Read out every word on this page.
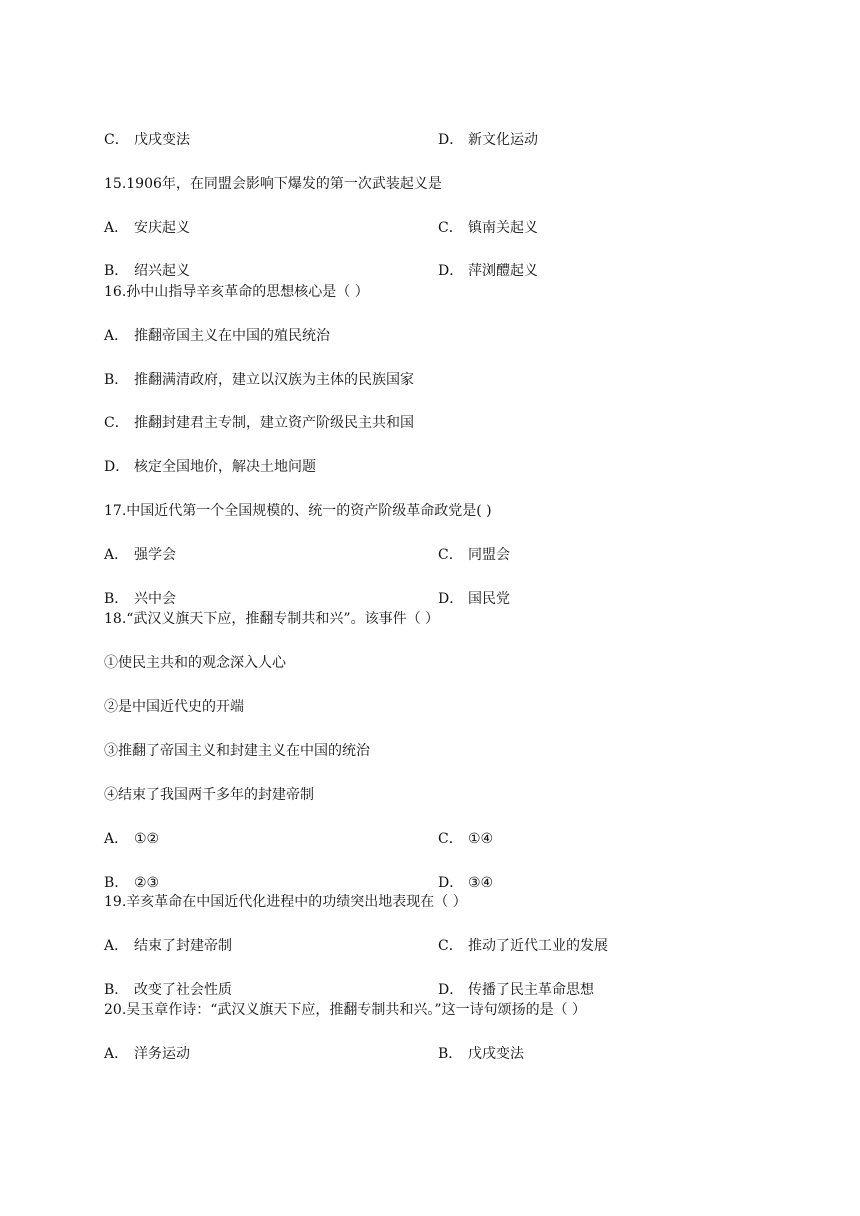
C． 戊戌变法	D． 新文化运动
15.1906年，在同盟会影响下爆发的第一次武装起义是
A． 安庆起义	C． 镇南关起义
B． 绍兴起义	D． 萍浏醴起义
16.孙中山指导辛亥革命的思想核心是（ ）
A． 推翻帝国主义在中国的殖民统治
B． 推翻满清政府，建立以汉族为主体的民族国家
C． 推翻封建君主专制，建立资产阶级民主共和国
D． 核定全国地价，解决土地问题
17.中国近代第一个全国规模的、统一的资产阶级革命政党是( )
A． 强学会	C． 同盟会
B． 兴中会	D． 国民党
18.“武汉义旗天下应，推翻专制共和兴”。该事件（ ）
①使民主共和的观念深入人心
②是中国近代史的开端
③推翻了帝国主义和封建主义在中国的统治
④结束了我国两千多年的封建帝制
A． ①②	C． ①④
B． ②③	D． ③④
19.辛亥革命在中国近代化进程中的功绩突出地表现在（ ）
A． 结束了封建帝制	C． 推动了近代工业的发展
B． 改变了社会性质	D． 传播了民主革命思想
20.吴玉章作诗：“武汉义旗天下应，推翻专制共和兴。”这一诗句颂扬的是（ ）
A． 洋务运动	B． 戊戌变法
